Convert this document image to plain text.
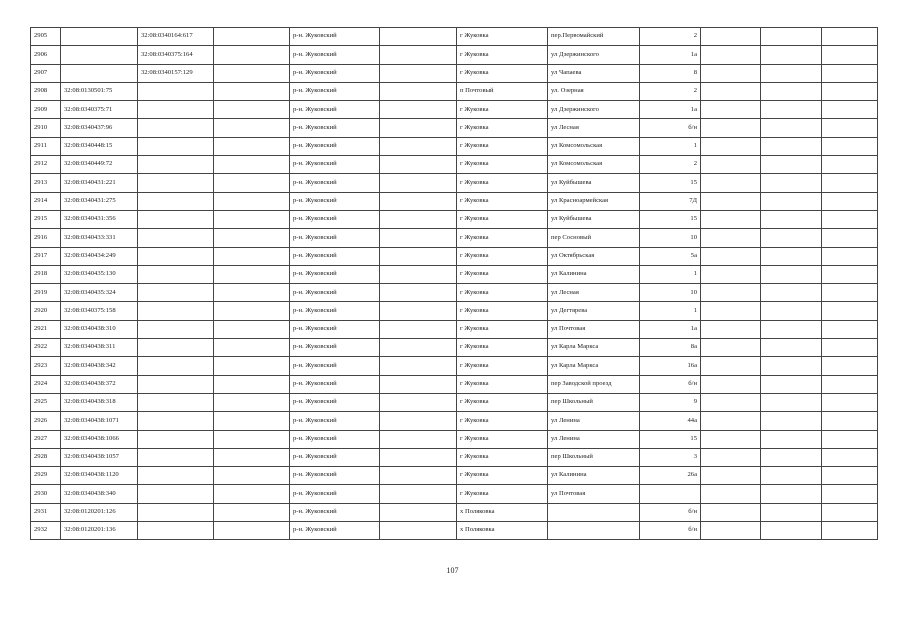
2905		32:08:0340164:617		р-н. Жуковский		г Жуковка	пер.Первомайский	2			
2906		32:08:0340375:164		р-н. Жуковский		г Жуковка	ул Дзержинского	1а			
2907		32:08:0340157:129		р-н. Жуковский		г Жуковка	ул Чапаева	8			
2908	32:08:0130501:75			р-н. Жуковский		п Почтовый	ул. Озерная	2			
2909	32:08:0340375:71			р-н. Жуковский		г Жуковка	ул Дзержинского	1а			
2910	32:08:0340437:96			р-н. Жуковский		г Жуковка	ул Лесная	б/н			
2911	32:08:0340448:15			р-н. Жуковский		г Жуковка	ул Комсомольская	1			
2912	32:08:0340449:72			р-н. Жуковский		г Жуковка	ул Комсомольская	2			
2913	32:08:0340431:221			р-н. Жуковский		г Жуковка	ул Куйбышева	15			
2914	32:08:0340431:275			р-н. Жуковский		г Жуковка	ул Красноармейская	7Д			
2915	32:08:0340431:356			р-н. Жуковский		г Жуковка	ул Куйбышева	15			
2916	32:08:0340433:331			р-н. Жуковский		г Жуковка	пер Сосновый	10			
2917	32:08:0340434:249			р-н. Жуковский		г Жуковка	ул Октябрьская	5а			
2918	32:08:0340435:130			р-н. Жуковский		г Жуковка	ул Калинина	1			
2919	32:08:0340435:324			р-н. Жуковский		г Жуковка	ул Лесная	10			
2920	32:08:0340375:158			р-н. Жуковский		г Жуковка	ул Дегтярева	1			
2921	32:08:0340438:310			р-н. Жуковский		г Жуковка	ул Почтовая	1а			
2922	32:08:0340438:311			р-н. Жуковский		г Жуковка	ул Карла Маркса	8а			
2923	32:08:0340438:342			р-н. Жуковский		г Жуковка	ул Карла Маркса	16а			
2924	32:08:0340438:372			р-н. Жуковский		г Жуковка	пер Заводской проезд	б/н			
2925	32:08:0340438:318			р-н. Жуковский		г Жуковка	пер Школьный	9			
2926	32:08:0340438:1071			р-н. Жуковский		г Жуковка	ул Ленина	44а			
2927	32:08:0340438:1066			р-н. Жуковский		г Жуковка	ул Ленина	15			
2928	32:08:0340438:1057			р-н. Жуковский		г Жуковка	пер Школьный	3			
2929	32:08:0340438:1120			р-н. Жуковский		г Жуковка	ул Калинина	26а			
2930	32:08:0340438:340			р-н. Жуковский		г Жуковка	ул Почтовая				
2931	32:08:0120201:126			р-н. Жуковский		х Поляковка		б/н			
2932	32:08:0120201:136			р-н. Жуковский		х Поляковка		б/н			
107
